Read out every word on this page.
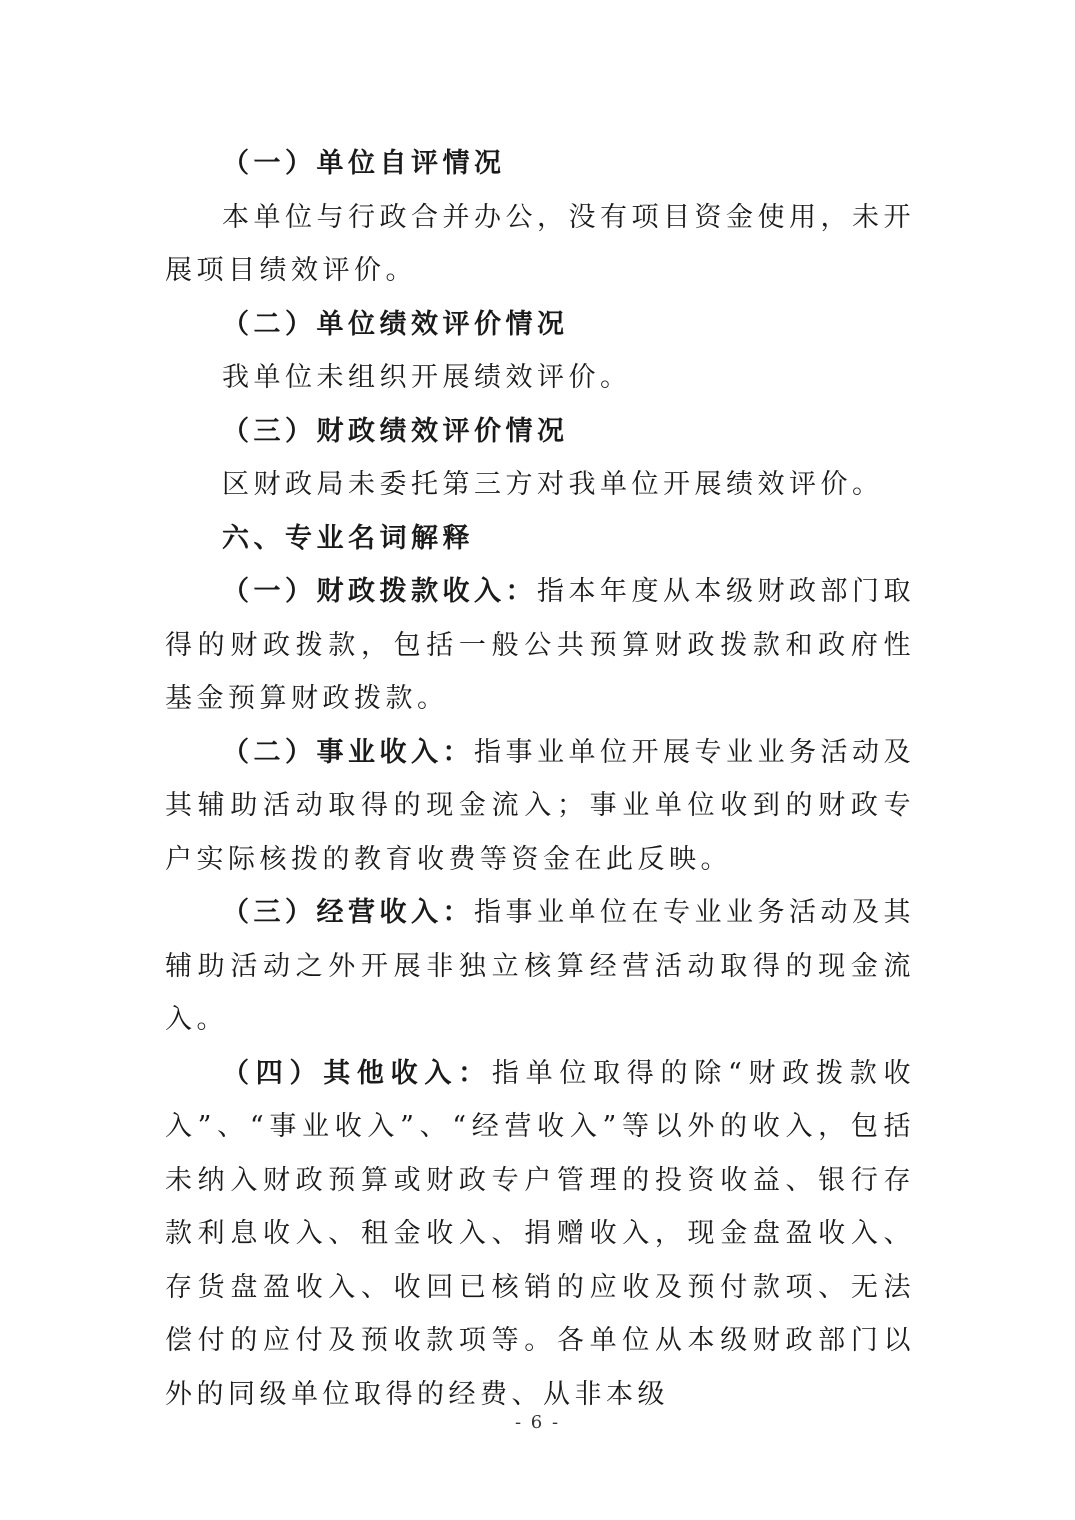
（一）单位自评情况

本单位与行政合并办公，没有项目资金使用，未开展项目绩效评价。

（二）单位绩效评价情况

我单位未组织开展绩效评价。

（三）财政绩效评价情况

区财政局未委托第三方对我单位开展绩效评价。

六、专业名词解释

（一）财政拨款收入：指本年度从本级财政部门取得的财政拨款，包括一般公共预算财政拨款和政府性基金预算财政拨款。

（二）事业收入：指事业单位开展专业业务活动及其辅助活动取得的现金流入；事业单位收到的财政专户实际核拨的教育收费等资金在此反映。

（三）经营收入：指事业单位在专业业务活动及其辅助活动之外开展非独立核算经营活动取得的现金流入。

（四）其他收入：指单位取得的除“财政拨款收入”、“事业收入”、“经营收入”等以外的收入，包括未纳入财政预算或财政专户管理的投资收益、银行存款利息收入、租金收入、捐赠收入，现金盘盈收入、存货盘盈收入、收回已核销的应收及预付款项、无法偿付的应付及预收款项等。各单位从本级财政部门以外的同级单位取得的经费、从非本级

- 6 -
